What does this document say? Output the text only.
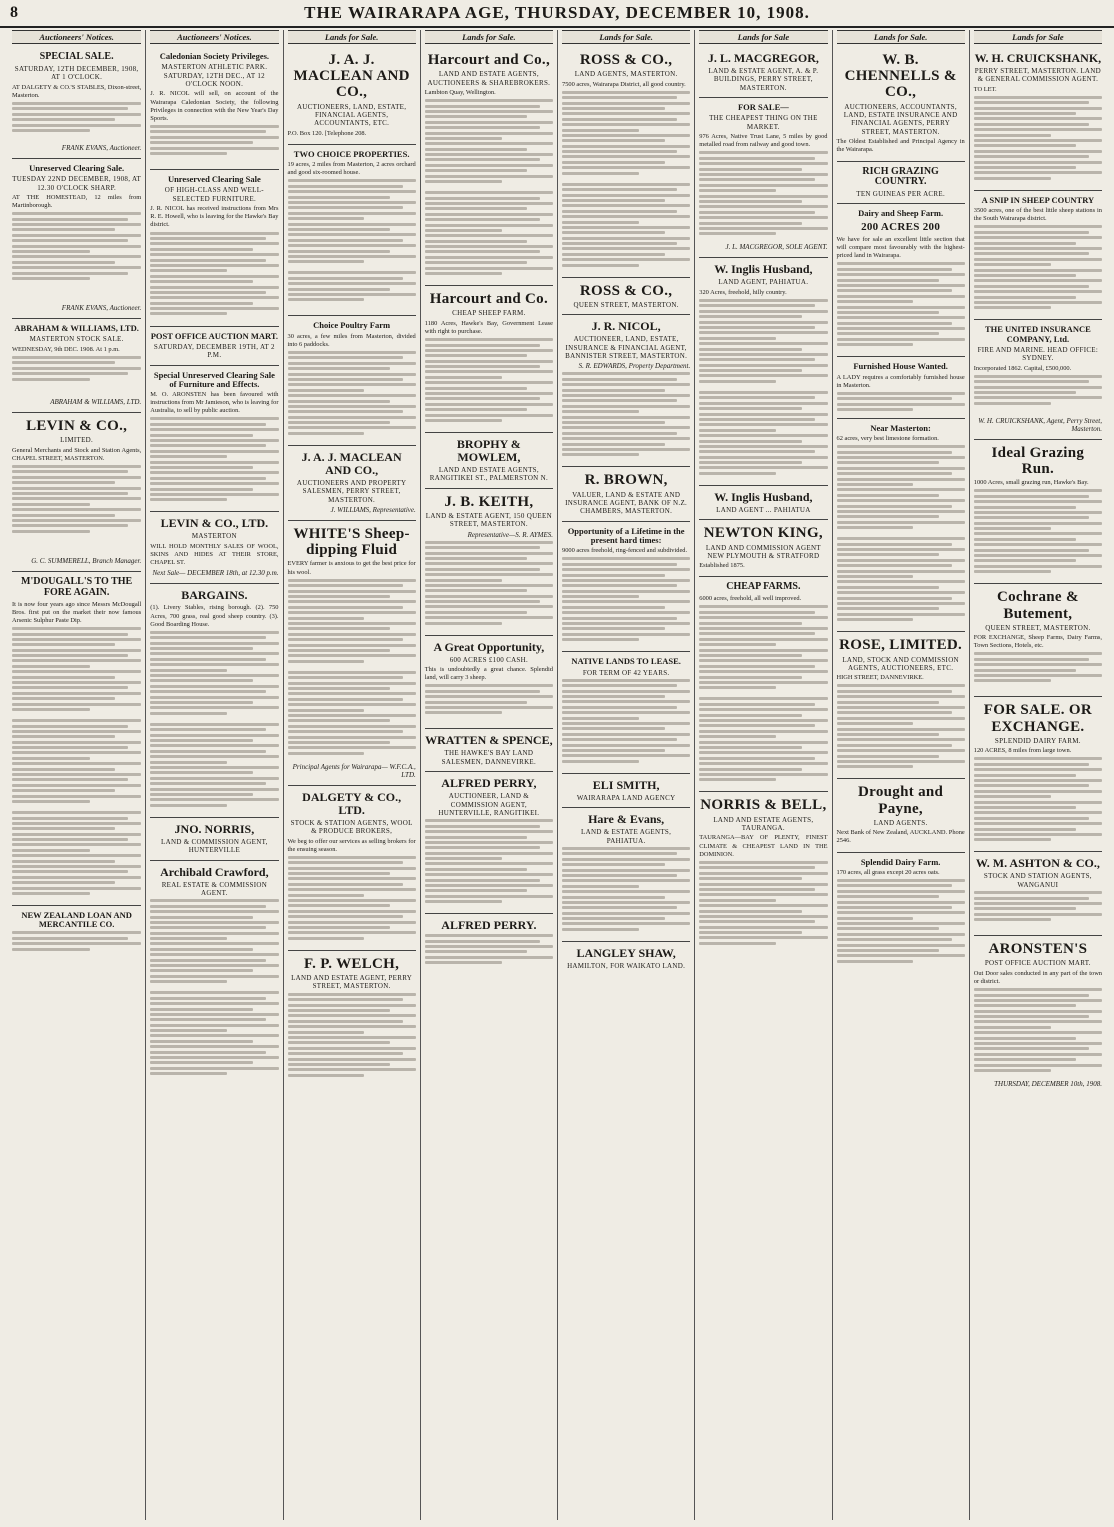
8	THE WAIRARAPA AGE, THURSDAY, DECEMBER 10, 1908.
Auctioneers' Notices.
SPECIAL SALE.
SATURDAY, 12TH DECEMBER, 1908, AT 1 O'CLOCK.
AT DALGETY & CO.'S STABLES, Dixon-street, Masterton.
FRANK EVANS, Auctioneer.
Unreserved Clearing Sale.
TUESDAY 22ND DECEMBER, 1908, AT 12.30 O'CLOCK SHARP.
AT THE HOMESTEAD, 12 miles from Martinborough.
FRANK EVANS, Auctioneer.
ABRAHAM & WILLIAMS, LTD.
MASTERTON STOCK SALE.
WEDNESDAY, 9th DEC. 1908. At 1 p.m.
ABRAHAM & WILLIAMS, LTD.
LEVIN & CO.,
LIMITED.
General Merchants and Stock and Station Agents, CHAPEL STREET, MASTERTON.
G. C. SUMMERELL, Branch Manager.
M'DOUGALL'S TO THE FORE AGAIN.
It is now four years ago since Messrs McDougall Bros. first put on the market their now famous Arsenic Sulphur Paste Dip.
NEW ZEALAND LOAN AND MERCANTILE CO.
Auctioneers' Notices.
Caledonian Society Privileges.
MASTERTON ATHLETIC PARK. SATURDAY, 12TH DEC., AT 12 O'CLOCK NOON.
J. R. NICOL will sell, on account of the Wairarapa Caledonian Society, the following Privileges in connection with the New Year's Day Sports.
Unreserved Clearing Sale
OF HIGH-CLASS AND WELL-SELECTED FURNITURE.
J. R. NICOL has received instructions from Mrs R. E. Howell, who is leaving for the Hawke's Bay district.
POST OFFICE AUCTION MART.
SATURDAY, DECEMBER 19TH, AT 2 P.M.
Special Unreserved Clearing Sale of Furniture and Effects.
M. O. ARONSTEN has been favoured with instructions from Mr Jamieson, who is leaving for Australia, to sell by public auction.
LEVIN & CO., LTD.
MASTERTON
WILL HOLD MONTHLY SALES OF WOOL, SKINS AND HIDES AT THEIR STORE, CHAPEL ST.
Next Sale— DECEMBER 18th, at 12.30 p.m.
BARGAINS.
(1). Livery Stables, rising borough. (2). 750 Acres, 700 grass, real good sheep country. (3). Good Boarding House.
JNO. NORRIS,
LAND & COMMISSION AGENT, HUNTERVILLE
Archibald Crawford,
REAL ESTATE & COMMISSION AGENT.
Lands for Sale.
J. A. J. MACLEAN AND CO.,
AUCTIONEERS, LAND, ESTATE, FINANCIAL AGENTS, ACCOUNTANTS, ETC.
P.O. Box 120. [Telephone 208.
TWO CHOICE PROPERTIES.
19 acres, 2 miles from Masterton, 2 acres orchard and good six-roomed house.
Choice Poultry Farm
30 acres, a few miles from Masterton, divided into 6 paddocks.
J. A. J. MACLEAN AND CO.,
AUCTIONEERS AND PROPERTY SALESMEN, PERRY STREET, MASTERTON.
J. WILLIAMS, Representative.
WHITE'S Sheep-dipping Fluid
EVERY farmer is anxious to get the best price for his wool.
Principal Agents for Wairarapa— W.F.C.A., LTD.
DALGETY & CO., LTD.
STOCK & STATION AGENTS, WOOL & PRODUCE BROKERS,
We beg to offer our services as selling brokers for the ensuing season.
F. P. WELCH,
LAND AND ESTATE AGENT, PERRY STREET, MASTERTON.
Lands for Sale.
Harcourt and Co.,
LAND AND ESTATE AGENTS, AUCTIONEERS & SHAREBROKERS.
Lambton Quay, Wellington.
Harcourt and Co.
CHEAP SHEEP FARM.
1180 Acres, Hawke's Bay, Government Lease with right to purchase.
BROPHY & MOWLEM,
LAND AND ESTATE AGENTS, RANGITIKEI ST., PALMERSTON N.
J. B. KEITH,
LAND & ESTATE AGENT, 150 QUEEN STREET, MASTERTON.
Representative—S. R. AYMES.
A Great Opportunity,
600 ACRES £100 CASH.
This is undoubtedly a great chance. Splendid land, will carry 3 sheep.
WRATTEN & SPENCE,
THE HAWKE'S BAY LAND SALESMEN, DANNEVIRKE.
ALFRED PERRY,
AUCTIONEER, LAND & COMMISSION AGENT, HUNTERVILLE, RANGITIKEI.
ALFRED PERRY.
Lands for Sale.
ROSS & CO.,
LAND AGENTS, MASTERTON.
7500 acres, Wairarapa District, all good country.
ROSS & CO.,
QUEEN STREET, MASTERTON.
J. R. NICOL,
AUCTIONEER, LAND, ESTATE, INSURANCE & FINANCIAL AGENT, BANNISTER STREET, MASTERTON.
S. R. EDWARDS, Property Department.
R. BROWN,
VALUER, LAND & ESTATE AND INSURANCE AGENT, BANK OF N.Z. CHAMBERS, MASTERTON.
Opportunity of a Lifetime in the present hard times:
9000 acres freehold, ring-fenced and subdivided.
NATIVE LANDS TO LEASE.
FOR TERM OF 42 YEARS.
ELI SMITH,
WAIRARAPA LAND AGENCY
Hare & Evans,
LAND & ESTATE AGENTS, PAHIATUA.
LANGLEY SHAW,
HAMILTON, FOR WAIKATO LAND.
Lands for Sale
J. L. MACGREGOR,
LAND & ESTATE AGENT, A. & P. BUILDINGS, PERRY STREET, MASTERTON.
FOR SALE—
THE CHEAPEST THING ON THE MARKET.
976 Acres, Native Trust Lane, 5 miles by good metalled road from railway and good town.
J. L. MACGREGOR, SOLE AGENT.
W. Inglis Husband,
LAND AGENT, PAHIATUA.
320 Acres, freehold, hilly country.
W. Inglis Husband,
LAND AGENT ... PAHIATUA
NEWTON KING,
LAND AND COMMISSION AGENT NEW PLYMOUTH & STRATFORD
Established 1875.
CHEAP FARMS.
6000 acres, freehold, all well improved.
NORRIS & BELL,
LAND AND ESTATE AGENTS, TAURANGA.
TAURANGA—BAY OF PLENTY, FINEST CLIMATE & CHEAPEST LAND IN THE DOMINION.
Lands for Sale.
W. B. CHENNELLS & CO.,
AUCTIONEERS, ACCOUNTANTS, LAND, ESTATE INSURANCE AND FINANCIAL AGENTS, PERRY STREET, MASTERTON.
The Oldest Established and Principal Agency in the Wairarapa.
RICH GRAZING COUNTRY.
TEN GUINEAS PER ACRE.
Dairy and Sheep Farm.
200 ACRES 200
We have for sale an excellent little section that will compare most favourably with the highest-priced land in Wairarapa.
Furnished House Wanted.
A LADY requires a comfortably furnished house in Masterton.
Near Masterton:
62 acres, very best limestone formation.
ROSE, LIMITED.
LAND, STOCK AND COMMISSION AGENTS, AUCTIONEERS, ETC.
HIGH STREET, DANNEVIRKE.
Drought and Payne,
LAND AGENTS.
Next Bank of New Zealand, AUCKLAND. Phone 2546.
Splendid Dairy Farm.
170 acres, all grass except 20 acres oats.
Lands for Sale
W. H. CRUICKSHANK,
PERRY STREET, MASTERTON. LAND & GENERAL COMMISSION AGENT.
TO LET.
A SNIP IN SHEEP COUNTRY
3500 acres, one of the best little sheep stations in the South Wairarapa district.
THE UNITED INSURANCE COMPANY, Ltd.
FIRE AND MARINE. HEAD OFFICE: SYDNEY.
Incorporated 1862. Capital, £500,000.
W. H. CRUICKSHANK, Agent, Perry Street, Masterton.
Ideal Grazing Run.
1000 Acres, small grazing run, Hawke's Bay.
Cochrane & Butement,
QUEEN STREET, MASTERTON.
FOR EXCHANGE, Sheep Farms, Dairy Farms, Town Sections, Hotels, etc.
FOR SALE. OR EXCHANGE.
SPLENDID DAIRY FARM.
120 ACRES, 8 miles from large town.
W. M. ASHTON & CO.,
STOCK AND STATION AGENTS, WANGANUI
ARONSTEN'S
POST OFFICE AUCTION MART.
Out Door sales conducted in any part of the town or district.
THURSDAY, DECEMBER 10th, 1908.
